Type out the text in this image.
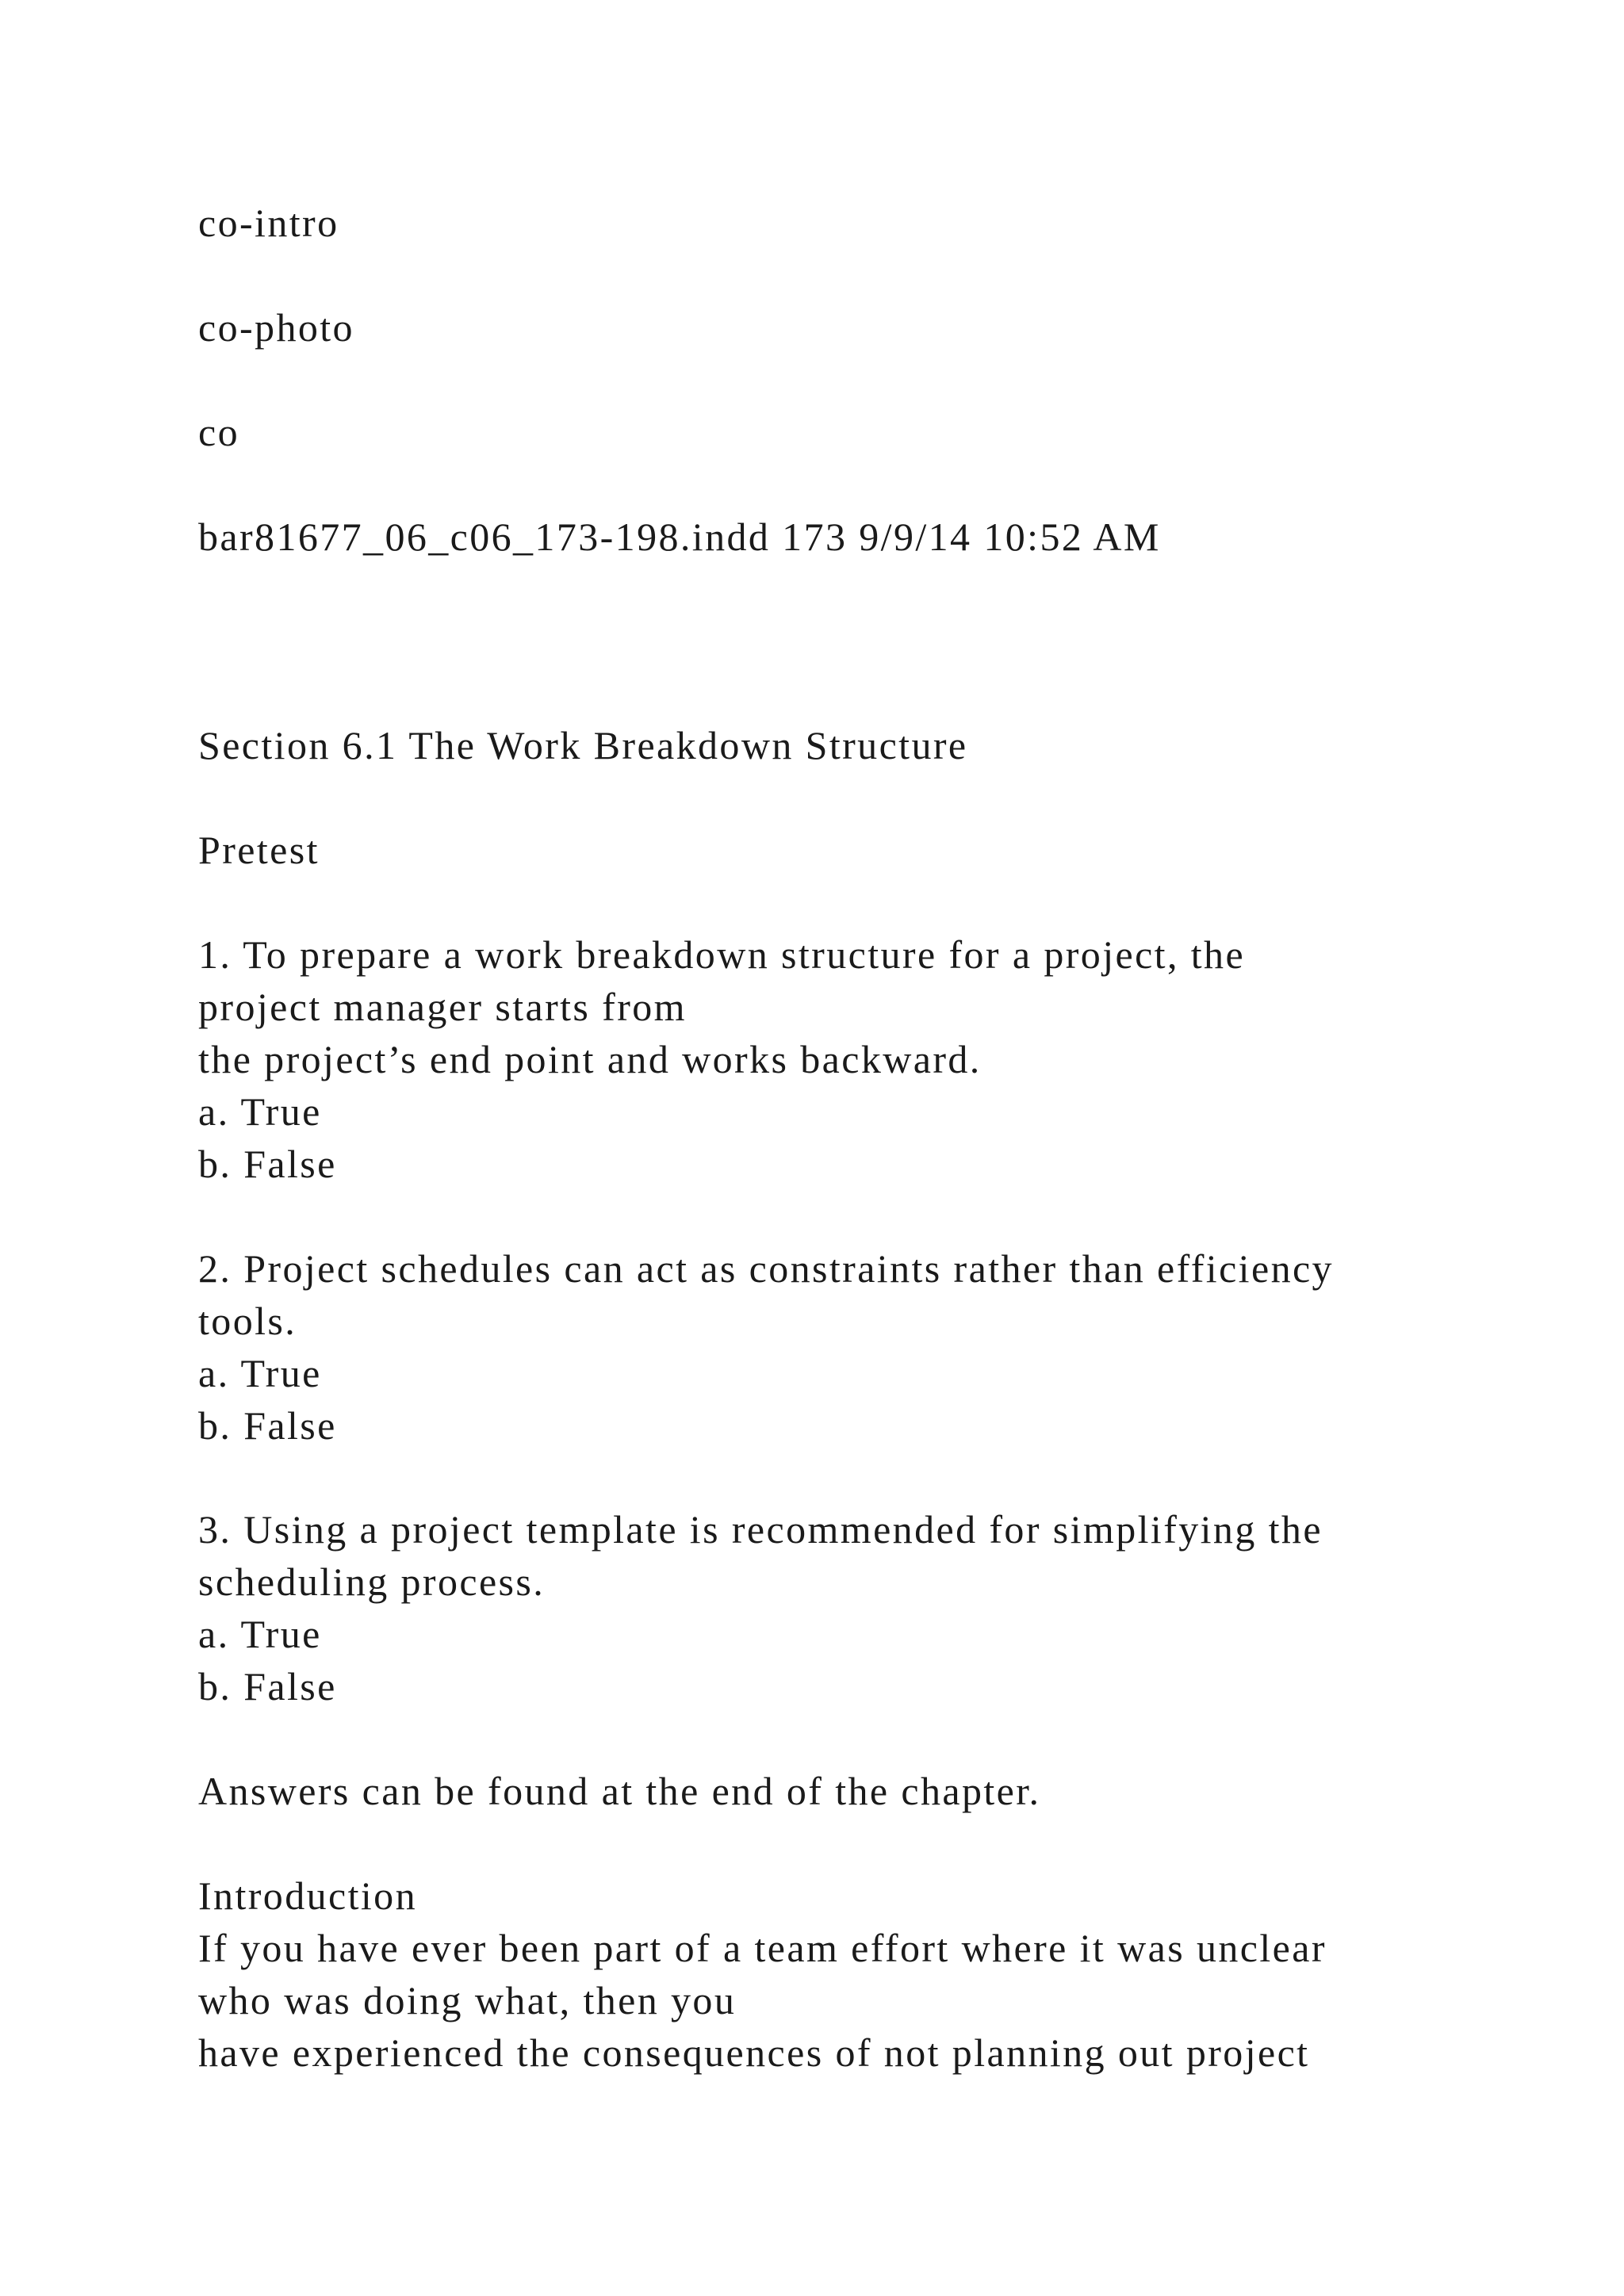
co-intro

co-photo

co

bar81677_06_c06_173-198.indd 173 9/9/14 10:52 AM

Section 6.1 The Work Breakdown Structure

Pretest

1. To prepare a work breakdown structure for a project, the

project manager starts from

the project’s end point and works backward.

a. True

b. False

2. Project schedules can act as constraints rather than efficiency

tools.

a. True

b. False

3. Using a project template is recommended for simplifying the

scheduling process.

a. True

b. False

Answers can be found at the end of the chapter.

Introduction

If you have ever been part of a team effort where it was unclear

who was doing what, then you

have experienced the consequences of not planning out project
